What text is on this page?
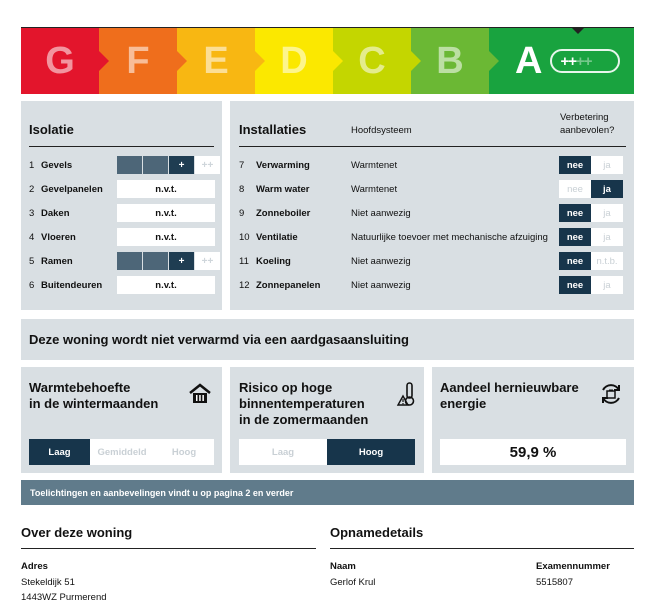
G F E D C B A ++ ++
Isolatie
1 Gevels	+	++
2 Gevelpanelen	n.v.t.
3 Daken	n.v.t.
4 Vloeren	n.v.t.
5 Ramen	+	++
6 Buitendeuren	n.v.t.
Installaties	Hoofdsysteem
Verbetering
aanbevolen?
7	Verwarming	Warmtenet	nee	ja
8	Warm water	Warmtenet	nee	ja
9	Zonneboiler	Niet aanwezig	nee	ja
10 Ventilatie	Natuurlijke toevoer met mechanische afzuiging	nee	ja
11 Koeling	Niet aanwezig	nee	n.t.b.
12 Zonnepanelen	Niet aanwezig	nee	ja
Deze woning wordt niet verwarmd via een aardgasaansluiting
Warmtebehoefte
in de wintermaanden
Laag	Gemiddeld	Hoog
Risico op hoge
binnentemperaturen
in de zomermaanden
Laag	Hoog
Aandeel hernieuwbare
energie
59,9 %
Toelichtingen en aanbevelingen vindt u op pagina 2 en verder
Over deze woning
Adres
Stekeldijk 51
1443WZ Purmerend
Opnamedetails
Naam
Gerlof Krul
Examennummer
5515807
